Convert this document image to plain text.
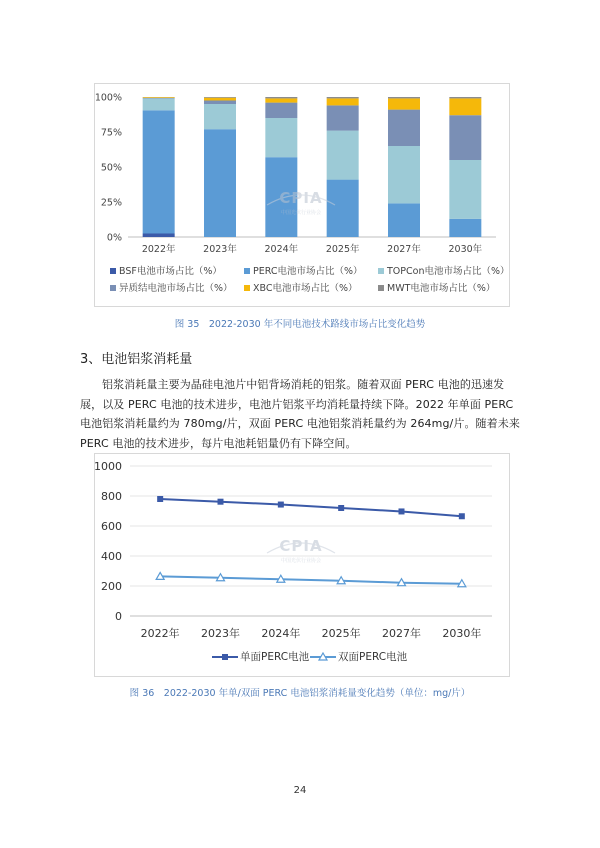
0%
25%
50%
75%
100%
2022年	2023年	2024年	2025年	2027年	2030年
CPIA
中国光伏行业协会
BSF电池市场占比（%）	PERC电池市场占比（%）	TOPCon电池市场占比（%）
异质结电池市场占比（%）	XBC电池市场占比（%）	MWT电池市场占比（%）
图 35　2022-2030 年不同电池技术路线市场占比变化趋势
3、电池铝浆消耗量

铝浆消耗量主要为晶硅电池片中铝背场消耗的铝浆。随着双面 PERC 电池的迅速发展，以及 PERC 电池的技术进步，电池片铝浆平均消耗量持续下降。2022 年单面 PERC 电池铝浆消耗量约为 780mg/片，双面 PERC 电池铝浆消耗量约为 264mg/片。随着未来 PERC 电池的技术进步，每片电池耗铝量仍有下降空间。

0
200
400
600
800
1000
2022年 2023年 2024年 2025年 2027年 2030年
CPIA
中国光伏行业协会
单面PERC电池	双面PERC电池
图 36　2022-2030 年单/双面 PERC 电池铝浆消耗量变化趋势（单位：mg/片）
24
